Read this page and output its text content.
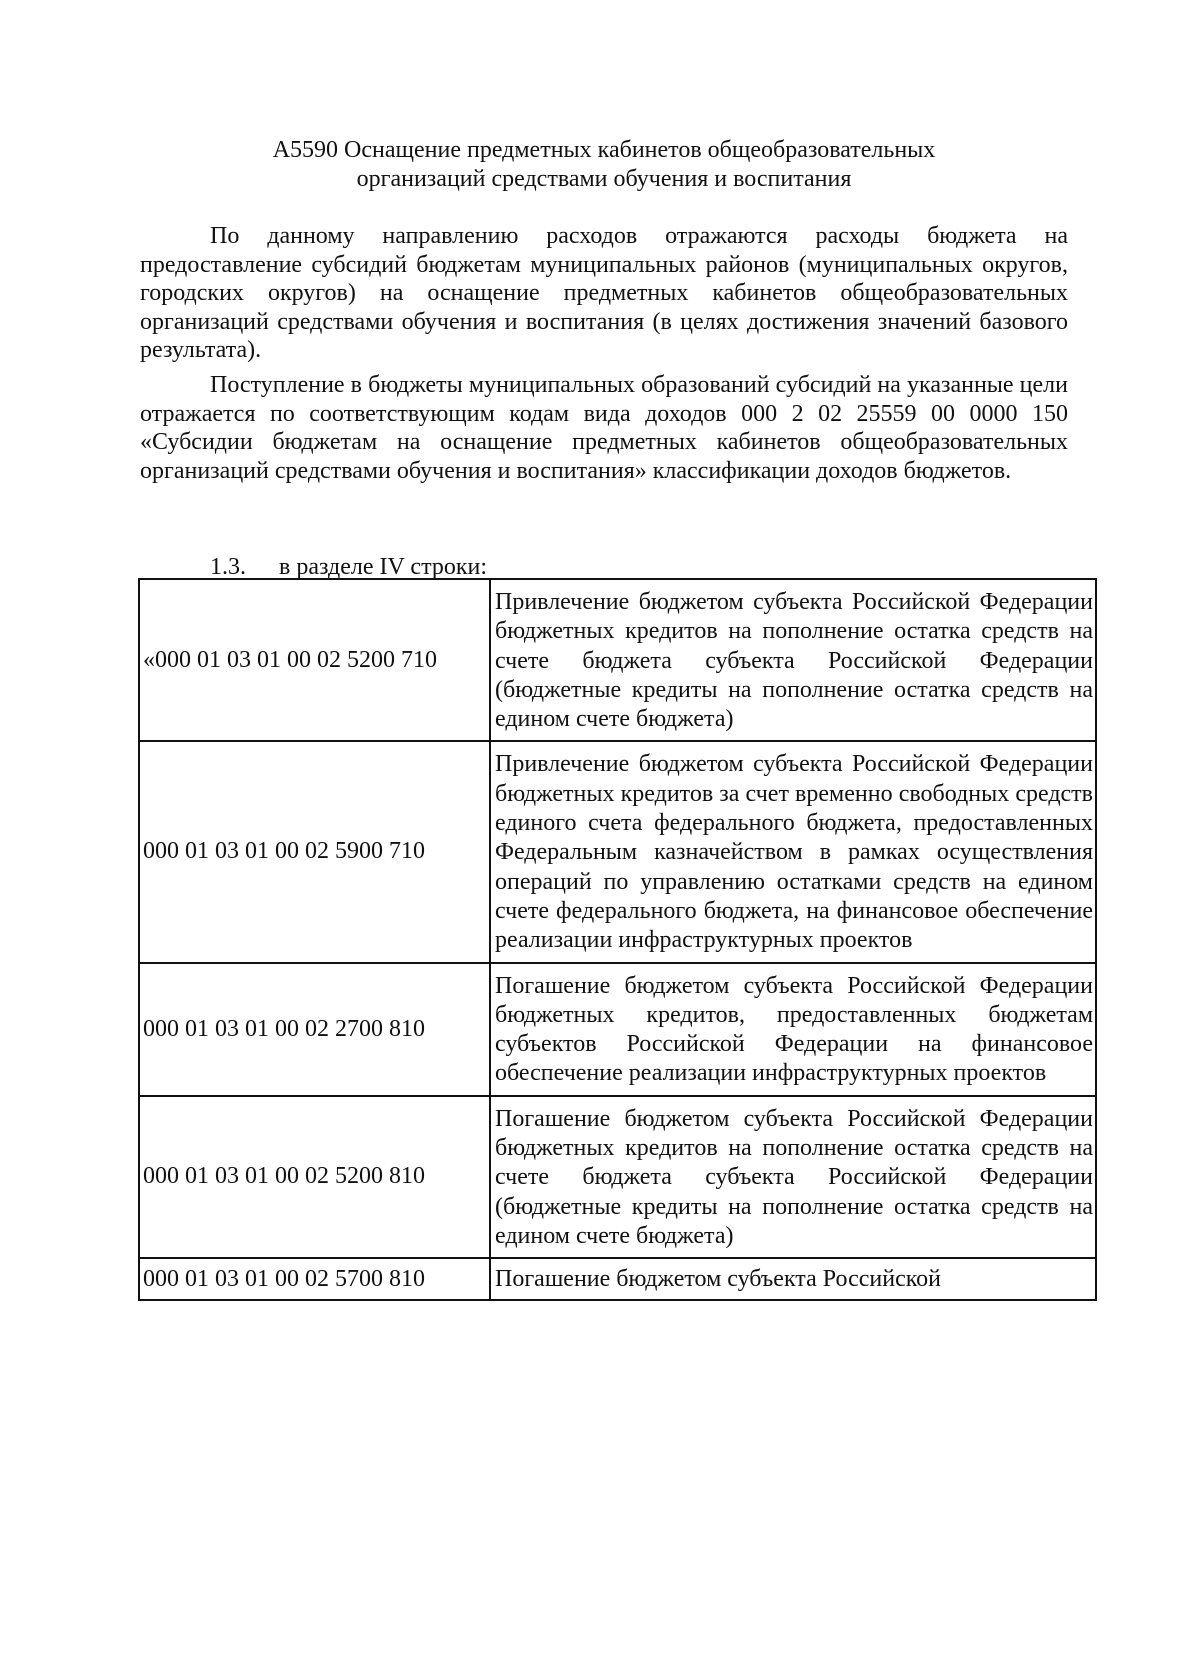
А5590 Оснащение предметных кабинетов общеобразовательных
организаций средствами обучения и воспитания
По данному направлению расходов отражаются расходы бюджета на предоставление субсидий бюджетам муниципальных районов (муниципальных округов, городских округов) на оснащение предметных кабинетов общеобразовательных организаций средствами обучения и воспитания (в целях достижения значений базового результата).
Поступление в бюджеты муниципальных образований субсидий на указанные цели отражается по соответствующим кодам вида доходов 000 2 02 25559 00 0000 150 «Субсидии бюджетам на оснащение предметных кабинетов общеобразовательных организаций средствами обучения и воспитания» классификации доходов бюджетов.
1.3. в разделе IV строки:
«000 01 03 01 00 02 5200 710	Привлечение бюджетом субъекта Российской Федерации бюджетных кредитов на пополнение остатка средств на счете бюджета субъекта Российской Федерации (бюджетные кредиты на пополнение остатка средств на едином счете бюджета)
000 01 03 01 00 02 5900 710	Привлечение бюджетом субъекта Российской Федерации бюджетных кредитов за счет временно свободных средств единого счета федерального бюджета, предоставленных Федеральным казначейством в рамках осуществления операций по управлению остатками средств на едином счете федерального бюджета, на финансовое обеспечение реализации инфраструктурных проектов
000 01 03 01 00 02 2700 810	Погашение бюджетом субъекта Российской Федерации бюджетных кредитов, предоставленных бюджетам субъектов Российской Федерации на финансовое обеспечение реализации инфраструктурных проектов
000 01 03 01 00 02 5200 810	Погашение бюджетом субъекта Российской Федерации бюджетных кредитов на пополнение остатка средств на счете бюджета субъекта Российской Федерации (бюджетные кредиты на пополнение остатка средств на едином счете бюджета)
000 01 03 01 00 02 5700 810	Погашение бюджетом субъекта Российской
